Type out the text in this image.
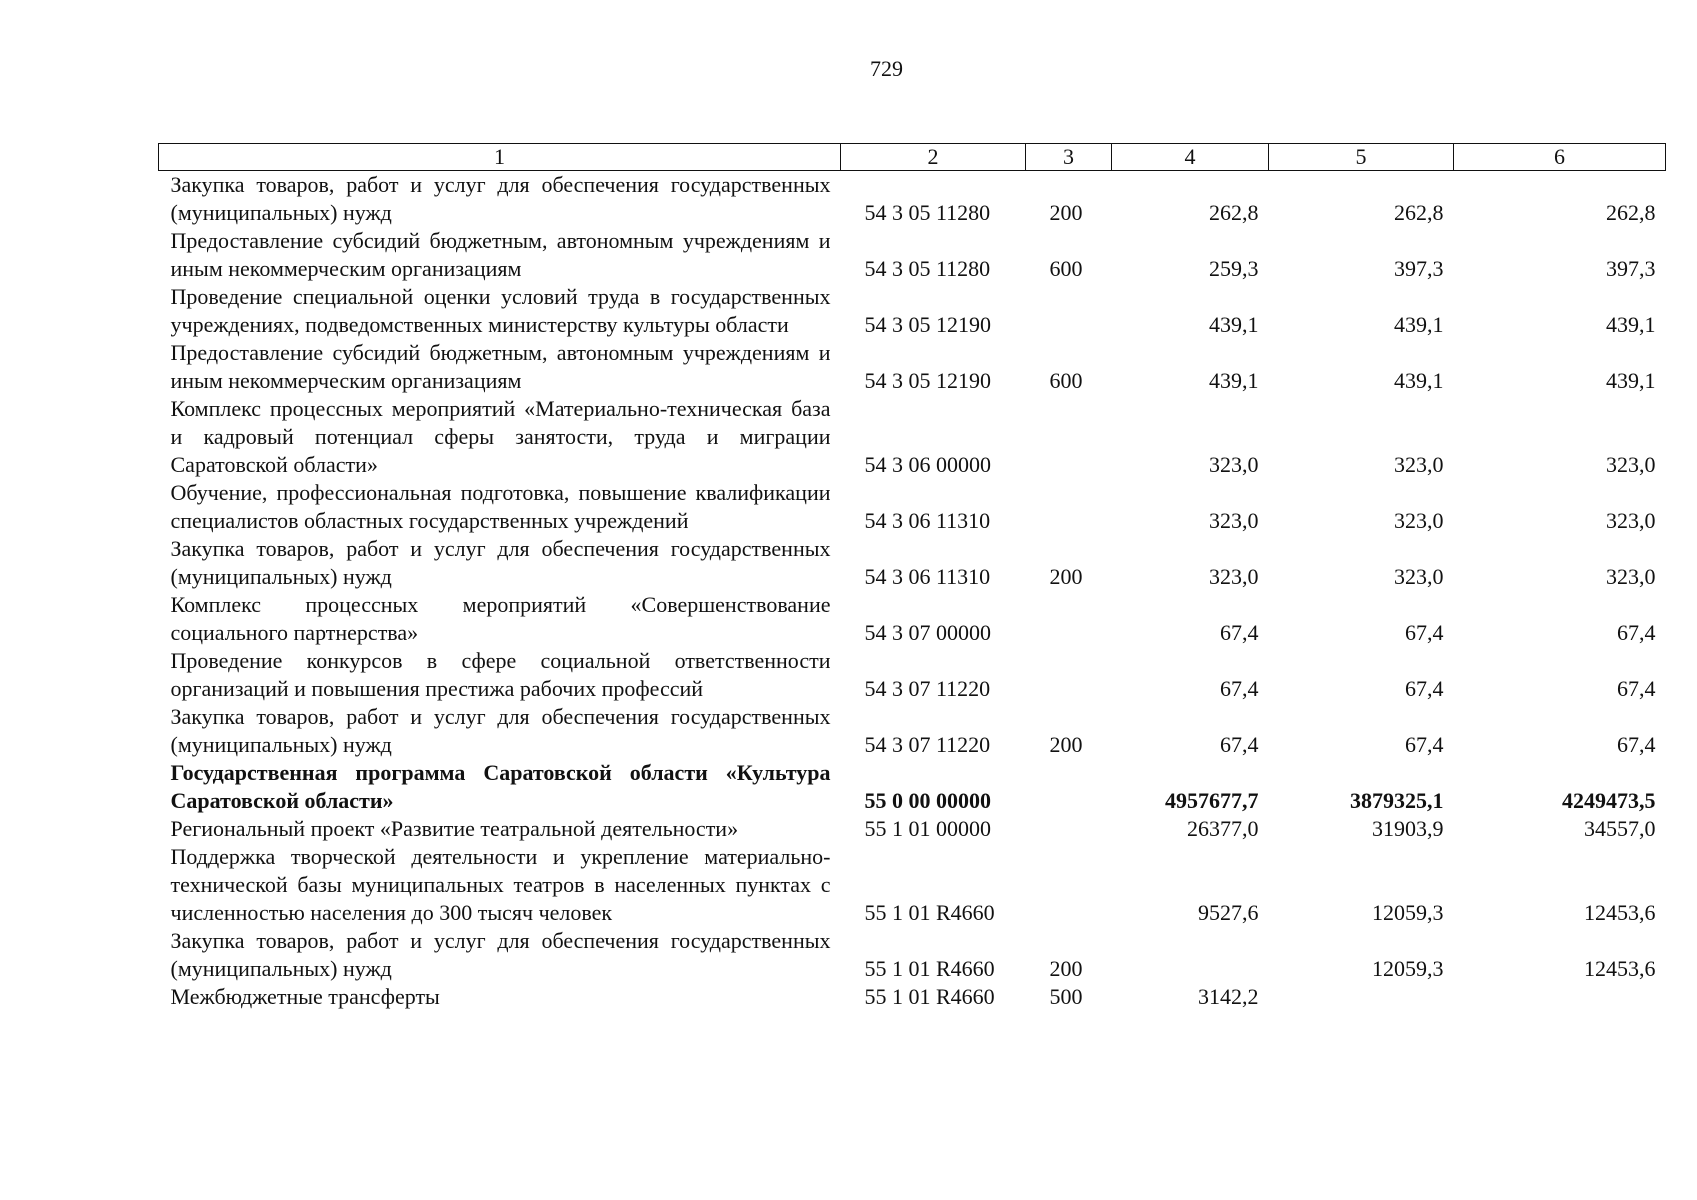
729
1	2	3	4	5	6
Закупка товаров, работ и услуг для обеспечения государственных (муниципальных) нужд	54 3 05 11280	200	262,8	262,8	262,8
Предоставление субсидий бюджетным, автономным учреждениям и иным некоммерческим организациям	54 3 05 11280	600	259,3	397,3	397,3
Проведение специальной оценки условий труда в государственных учреждениях, подведомственных министерству культуры области	54 3 05 12190		439,1	439,1	439,1
Предоставление субсидий бюджетным, автономным учреждениям и иным некоммерческим организациям	54 3 05 12190	600	439,1	439,1	439,1
Комплекс процессных мероприятий «Материально-техническая база и кадровый потенциал сферы занятости, труда и миграции Саратовской области»	54 3 06 00000		323,0	323,0	323,0
Обучение, профессиональная подготовка, повышение квалификации специалистов областных государственных учреждений	54 3 06 11310		323,0	323,0	323,0
Закупка товаров, работ и услуг для обеспечения государственных (муниципальных) нужд	54 3 06 11310	200	323,0	323,0	323,0
Комплекс процессных мероприятий «Совершенствование социального партнерства»	54 3 07 00000		67,4	67,4	67,4
Проведение конкурсов в сфере социальной ответственности организаций и повышения престижа рабочих профессий	54 3 07 11220		67,4	67,4	67,4
Закупка товаров, работ и услуг для обеспечения государственных (муниципальных) нужд	54 3 07 11220	200	67,4	67,4	67,4
Государственная программа Саратовской области «Культура Саратовской области»	55 0 00 00000		4957677,7	3879325,1	4249473,5
Региональный проект «Развитие театральной деятельности»	55 1 01 00000		26377,0	31903,9	34557,0
Поддержка творческой деятельности и укрепление материально-технической базы муниципальных театров в населенных пунктах с численностью населения до 300 тысяч человек	55 1 01 R4660		9527,6	12059,3	12453,6
Закупка товаров, работ и услуг для обеспечения государственных (муниципальных) нужд	55 1 01 R4660	200		12059,3	12453,6
Межбюджетные трансферты	55 1 01 R4660	500	3142,2		
